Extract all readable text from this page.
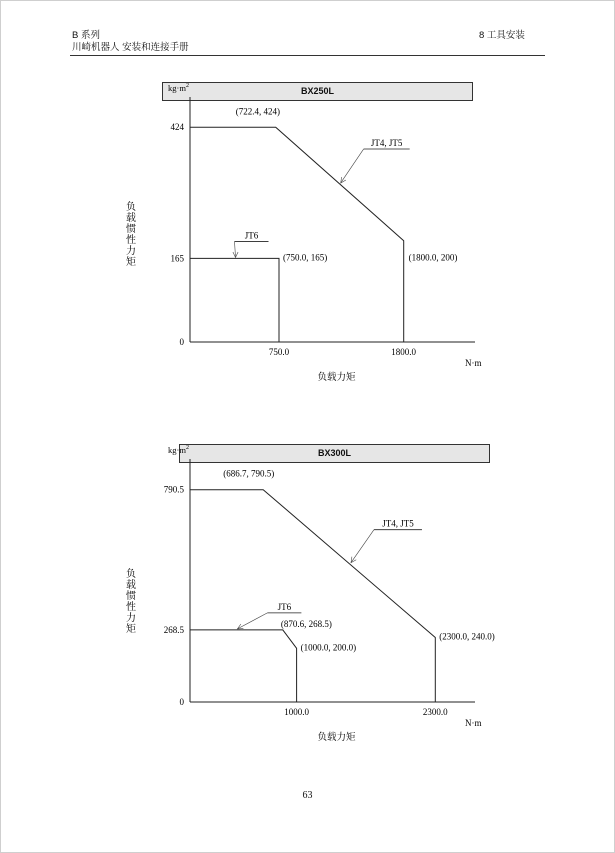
B 系列
川崎机器人 安装和连接手册
8 工具安装
BX250L
$kg\cdot m^2$
负载惯性力矩
N·m
负载力矩
0
165
424
750.0	1800.0
(722.4, 424)
(750.0, 165)	(1800.0, 200)
JT4, JT5
JT6
BX300L
$kg\cdot m^2$
负载惯性力矩
N·m
负载力矩
0
268.5
790.5
1000.0	2300.0
(686.7, 790.5)
(870.6, 268.5)
(1000.0, 200.0)
(2300.0, 240.0)
JT4, JT5
JT6
63
